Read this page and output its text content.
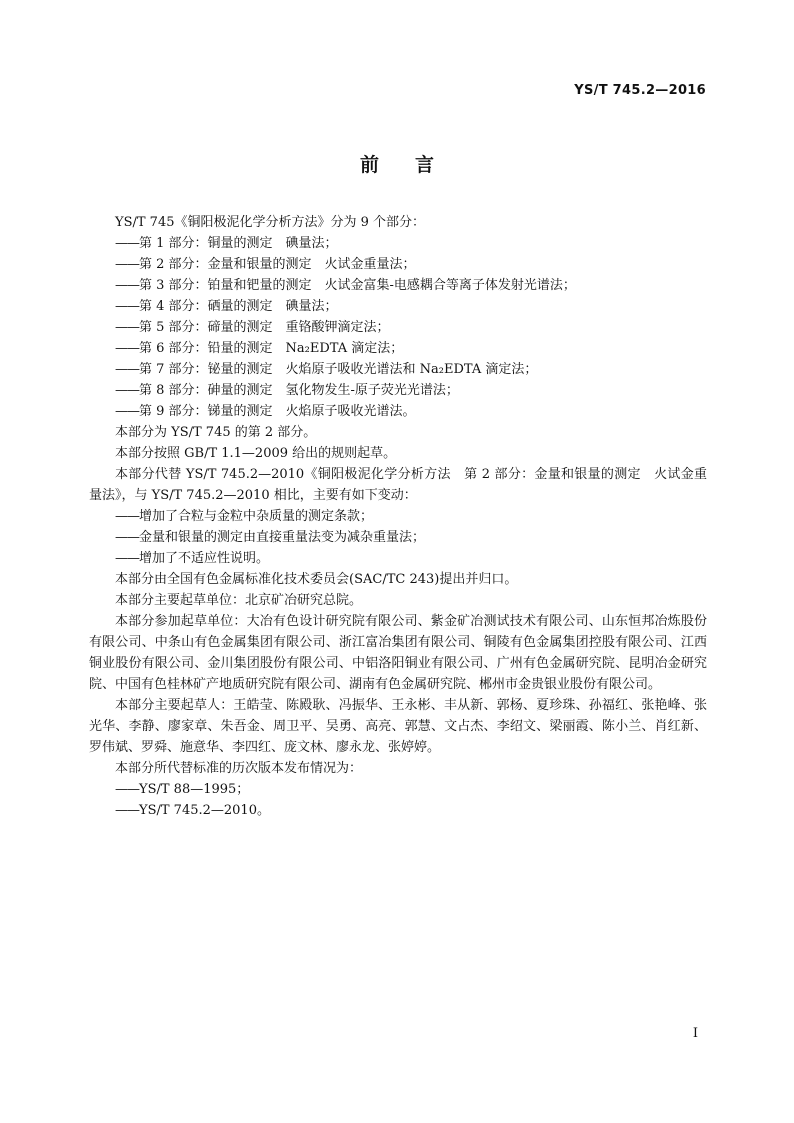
YS/T 745.2—2016
前言

YS/T 745《铜阳极泥化学分析方法》分为 9 个部分：

——第 1 部分：铜量的测定　碘量法；

——第 2 部分：金量和银量的测定　火试金重量法；

——第 3 部分：铂量和钯量的测定　火试金富集-电感耦合等离子体发射光谱法；

——第 4 部分：硒量的测定　碘量法；

——第 5 部分：碲量的测定　重铬酸钾滴定法；

——第 6 部分：铅量的测定　Na₂EDTA 滴定法；

——第 7 部分：铋量的测定　火焰原子吸收光谱法和 Na₂EDTA 滴定法；

——第 8 部分：砷量的测定　氢化物发生-原子荧光光谱法；

——第 9 部分：锑量的测定　火焰原子吸收光谱法。

本部分为 YS/T 745 的第 2 部分。

本部分按照 GB/T 1.1—2009 给出的规则起草。

本部分代替 YS/T 745.2—2010《铜阳极泥化学分析方法　第 2 部分：金量和银量的测定　火试金重量法》，与 YS/T 745.2—2010 相比，主要有如下变动：

——增加了合粒与金粒中杂质量的测定条款；

——金量和银量的测定由直接重量法变为减杂重量法；

——增加了不适应性说明。

本部分由全国有色金属标准化技术委员会(SAC/TC 243)提出并归口。

本部分主要起草单位：北京矿冶研究总院。

本部分参加起草单位：大冶有色设计研究院有限公司、紫金矿冶测试技术有限公司、山东恒邦冶炼股份有限公司、中条山有色金属集团有限公司、浙江富冶集团有限公司、铜陵有色金属集团控股有限公司、江西铜业股份有限公司、金川集团股份有限公司、中铝洛阳铜业有限公司、广州有色金属研究院、昆明冶金研究院、中国有色桂林矿产地质研究院有限公司、湖南有色金属研究院、郴州市金贵银业股份有限公司。

本部分主要起草人：王皓莹、陈殿耿、冯振华、王永彬、丰从新、郭杨、夏珍珠、孙福红、张艳峰、张光华、李静、廖家章、朱吾金、周卫平、吴勇、高亮、郭慧、文占杰、李绍文、梁丽霞、陈小兰、肖红新、罗伟斌、罗舜、施意华、李四红、庞文林、廖永龙、张婷婷。

本部分所代替标准的历次版本发布情况为：

——YS/T 88—1995；

——YS/T 745.2—2010。

I
